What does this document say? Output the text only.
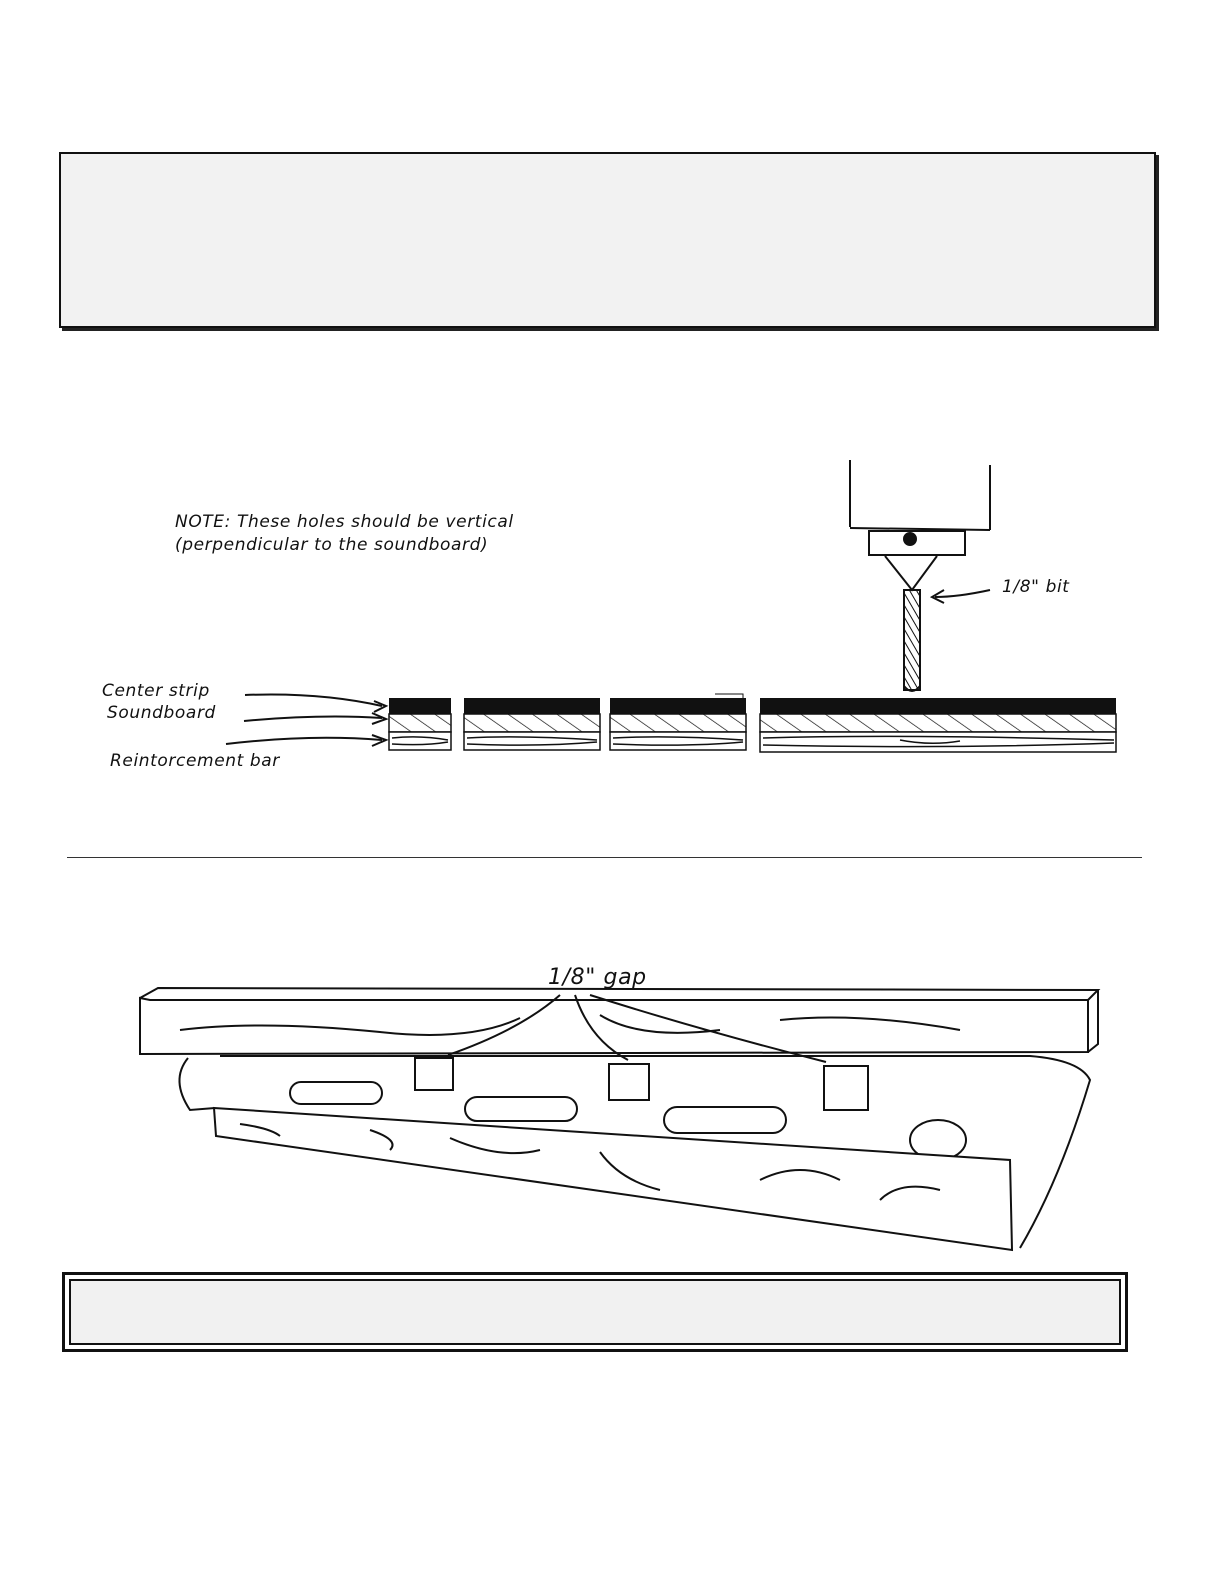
NOTE: These holes should be vertical
(perpendicular to the soundboard)
1/8" bit
Center strip
Soundboard
Reintorcement bar
1/8" gap
